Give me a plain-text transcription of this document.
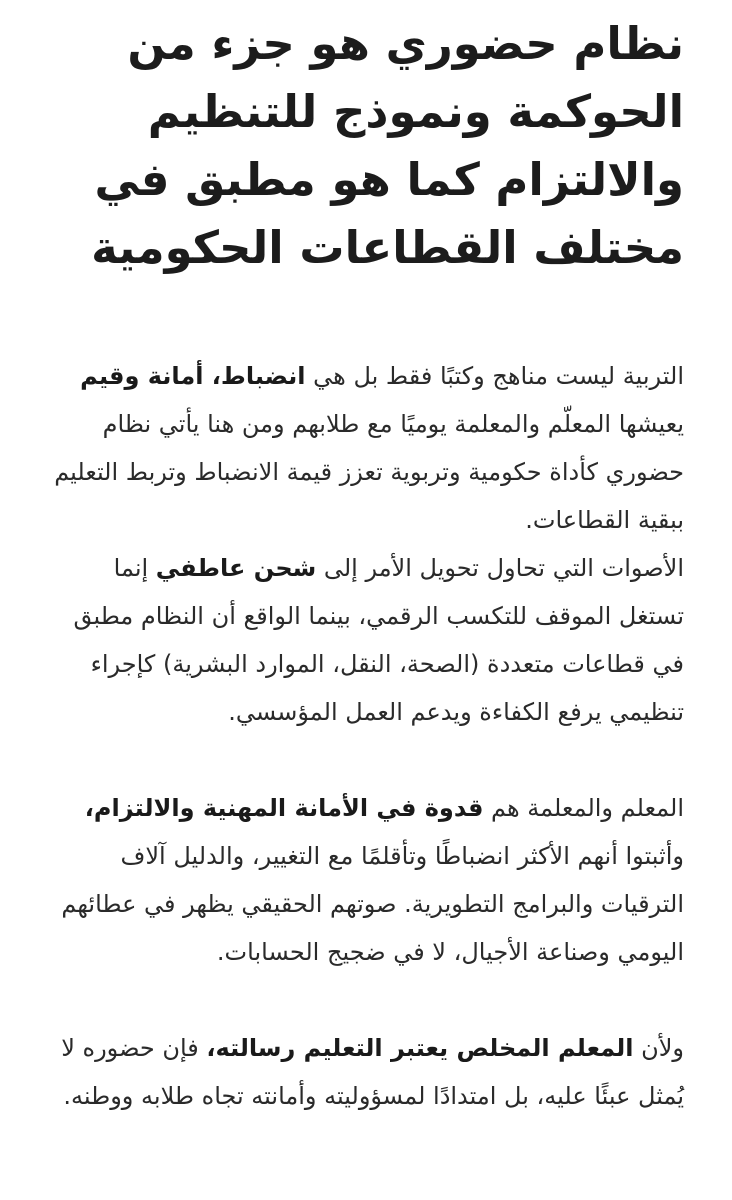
نظام حضوري هو جزء من
الحوكمة ونموذج للتنظيم
والالتزام كما هو مطبق في
مختلف القطاعات الحكومية

التربية ليست مناهج وكتبًا فقط بل هي انضباط، أمانة وقيم يعيشها المعلّم والمعلمة يوميًا مع طلابهم ومن هنا يأتي نظام حضوري كأداة حكومية وتربوية تعزز قيمة الانضباط وتربط التعليم ببقية القطاعات.

الأصوات التي تحاول تحويل الأمر إلى شحن عاطفي إنما تستغل الموقف للتكسب الرقمي، بينما الواقع أن النظام مطبق في قطاعات متعددة (الصحة، النقل، الموارد البشرية) كإجراء تنظيمي يرفع الكفاءة ويدعم العمل المؤسسي.

المعلم والمعلمة هم قدوة في الأمانة المهنية والالتزام، وأثبتوا أنهم الأكثر انضباطًا وتأقلمًا مع التغيير، والدليل آلاف الترقيات والبرامج التطويرية. صوتهم الحقيقي يظهر في عطائهم اليومي وصناعة الأجيال، لا في ضجيج الحسابات.

ولأن المعلم المخلص يعتبر التعليم رسالته، فإن حضوره لا يُمثل عبئًا عليه، بل امتدادًا لمسؤوليته وأمانته تجاه طلابه ووطنه.
